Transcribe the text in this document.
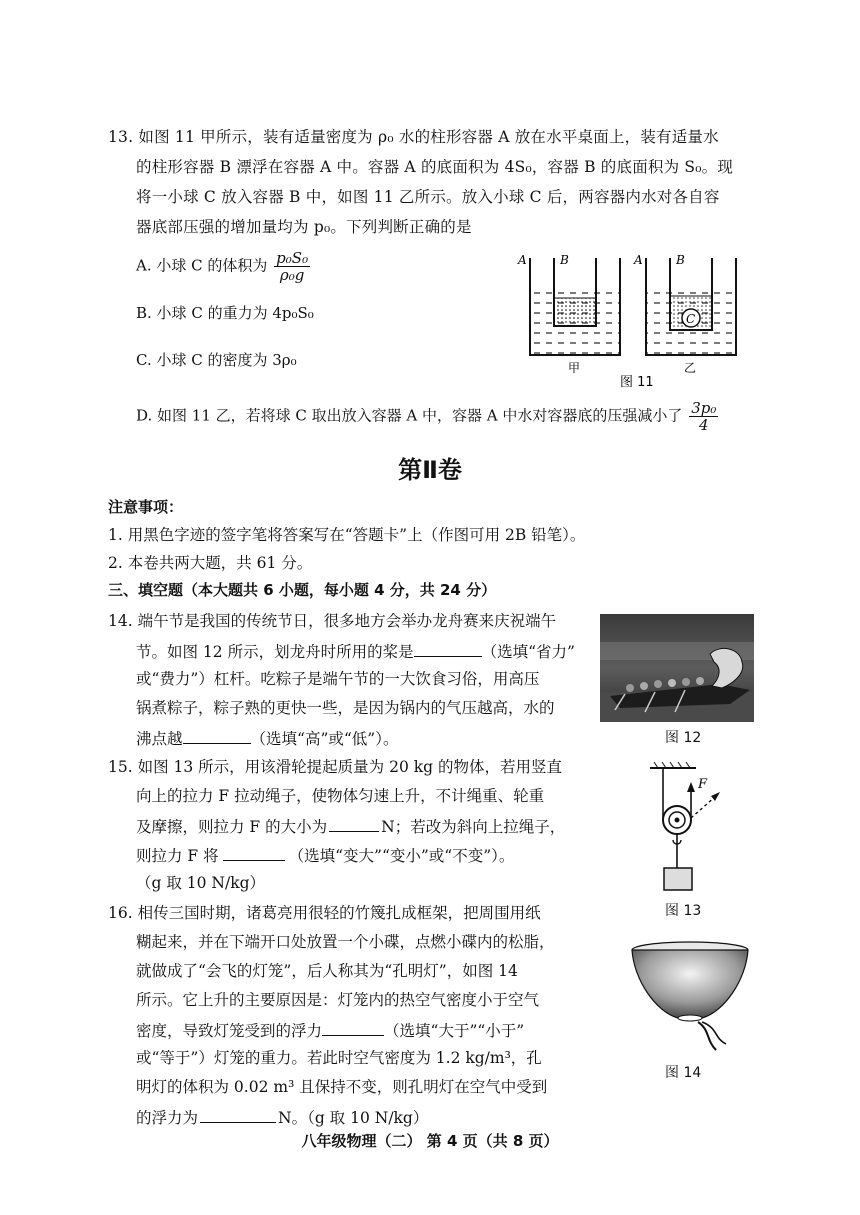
13. 如图 11 甲所示，装有适量密度为 ρ₀ 水的柱形容器 A 放在水平桌面上，装有适量水
的柱形容器 B 漂浮在容器 A 中。容器 A 的底面积为 4S₀，容器 B 的底面积为 S₀。现
将一小球 C 放入容器 B 中，如图 11 乙所示。放入小球 C 后，两容器内水对各自容
器底部压强的增加量均为 p₀。下列判断正确的是
A. 小球 C 的体积为 $\frac{\text{p₀S₀}}{\text{ρ₀g}}$
B. 小球 C 的重力为 4p₀S₀
C. 小球 C 的密度为 3ρ₀
D. 如图 11 乙，若将球 C 取出放入容器 A 中，容器 A 中水对容器底的压强减小了 $\frac{\text{3p₀}}{4}$
A	B
甲
C
A	B
乙
图 11
第Ⅱ卷
注意事项：
1. 用黑色字迹的签字笔将答案写在“答题卡”上（作图可用 2B 铅笔）。
2. 本卷共两大题，共 61 分。
三、填空题（本大题共 6 小题，每小题 4 分，共 24 分）
14. 端午节是我国的传统节日，很多地方会举办龙舟赛来庆祝端午
节。如图 12 所示，划龙舟时所用的桨是	（选填“省力”
或“费力”）杠杆。吃粽子是端午节的一大饮食习俗，用高压
锅煮粽子，粽子熟的更快一些，是因为锅内的气压越高，水的
沸点越	（选填“高”或“低”）。	图 12
15. 如图 13 所示，用该滑轮提起质量为 20 kg 的物体，若用竖直
向上的拉力 F 拉动绳子，使物体匀速上升，不计绳重、轮重
及摩擦，则拉力 F 的大小为	N；若改为斜向上拉绳子，
则拉力 F 将	（选填“变大”“变小”或“不变”）。
（g 取 10 N/kg）
F
图 13
16. 相传三国时期，诸葛亮用很轻的竹篾扎成框架，把周围用纸
糊起来，并在下端开口处放置一个小碟，点燃小碟内的松脂，
就做成了“会飞的灯笼”，后人称其为“孔明灯”，如图 14
所示。它上升的主要原因是：灯笼内的热空气密度小于空气
密度，导致灯笼受到的浮力	（选填“大于”“小于”
或“等于”）灯笼的重力。若此时空气密度为 1.2 kg/m³，孔
明灯的体积为 0.02 m³ 且保持不变，则孔明灯在空气中受到
的浮力为	N。（g 取 10 N/kg）
图 14
八年级物理（二） 第 4 页（共 8 页）
